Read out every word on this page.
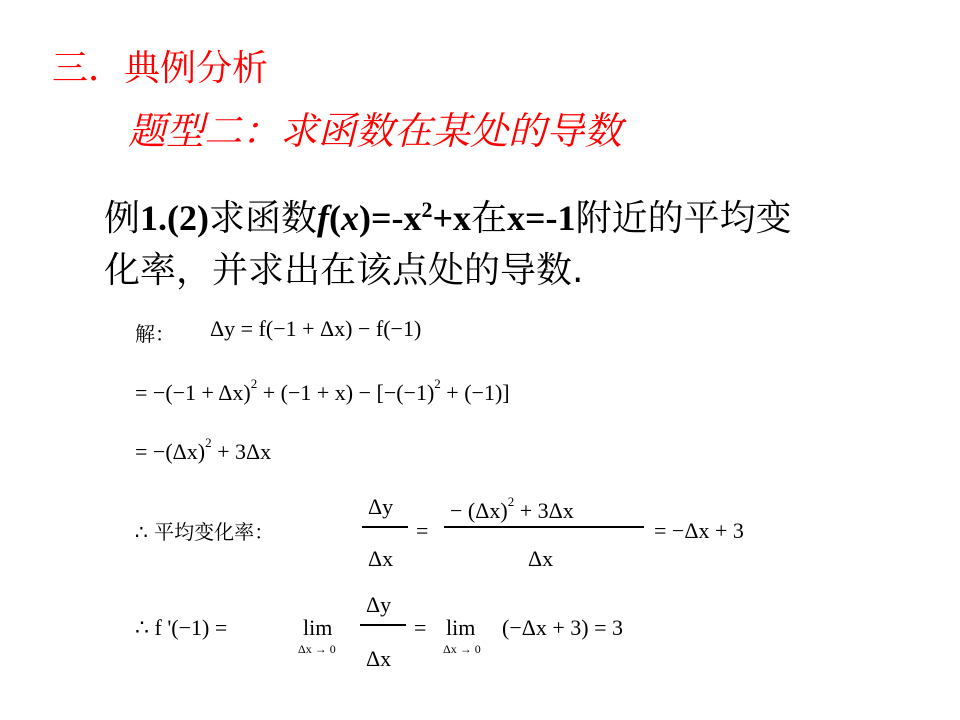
三．典例分析
题型二：求函数在某处的导数
例1.(2)求函数$f(x)=-x^2+x$在x=-1附近的平均变
化率，并求出在该点处的导数.
解： Δy = f(−1 + Δx) − f(−1)
= $-(-1 + \Delta x)^2 + (-1 + x) - [-(-1)^2 + (-1)]$
= $-(\Delta x)^2 + 3\Delta x$
∴ 平均变化率：
Δy
Δx
=
− $(\Delta x)^2 + 3\Delta x$
Δx
= −Δx + 3
∴ f '(−1) =	lim
Δx → 0
Δy
Δx
= lim
Δx → 0
(−Δx + 3) = 3
